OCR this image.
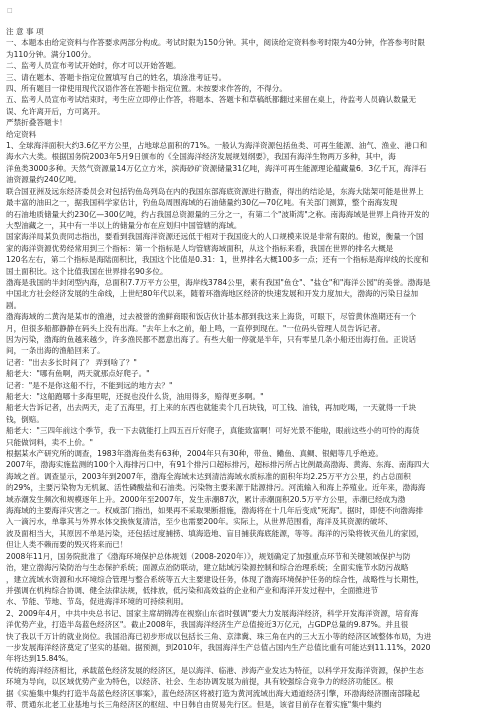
□
注 意 事 项
一、本题本由给定资料与作答要求两部分构成。考试时限为150分钟。其中，阅读给定资料参考时限为40分钟，作答参考时限
为110分钟。满分100分。
二、监考人员宣布考试开始时，你才可以开始答题。
三、请在题本、答题卡指定位置填写自己的姓名，填涂准考证号。
四、所有题目一律使用现代汉语作答在答题卡指定位置。未按要求作答的，不得分。
五、监考人员宣布考试结束时，考生应立即停止作答，将题本、答题卡和草稿纸都翻过来留在桌上，待监考人员确认数量无
误、允许离开后，方可离开。
严禁折叠答题卡！
给定资料
1、全球海洋面积大约3.6亿平方公里，占地球总面积的71%。一般认为海洋资源包括鱼类、可再生能源、油气、渔业、港口和
海水六大类。根据国务院2003年5月9日颁布的《全国海洋经济发展规划纲要》，我国有海洋生物两万多种，其中，海
洋鱼类3000多种。天然气资源量14万亿立方米，滨海砂矿资源储量31亿吨，海洋可再生能源理论蕴藏量6．3亿千瓦，海洋石
油资源量约240亿吨。
联合国亚洲及远东经济委员会对包括钓鱼岛列岛在内的我国东部海底资源进行勘查，得出的结论是，东海大陆架可能是世界上
最丰富的油田之一，据我国科学家估计，钓鱼岛周围海域的石油储量约30亿—70亿吨。有关部门测算，整个南海发现
的石油地质储量大约230亿—300亿吨，约占我国总资源量的三分之一，有第二个"波斯湾"之称。南海海域是世界上尚待开发的
大型油藏之一，其中有一半以上的储量分布在应划归中国管辖的海域。
国家海洋局某负责同志指出，要看到我国海洋资源还远低于相对于我国庞大的人口规模来说是非常有限的。他说，衡量一个国
家的海洋资源优势经常用到三个指标：第一个指标是人均管辖海域面积，从这个指标来看，我国在世界的排名大概是
120名左右，第二个指标是海陆面积比，我国这个比值是0.31：1，世界排名大概100多一点；还有一个指标是海岸线的长度和
国土面积比。这个比值我国在世界排名90多位。
渤海是我国的半封闭型内海，总面积7.7万平方公里，海岸线3784公里，素有我国"鱼仓"、"盐仓"和"海洋公园"的美誉。渤海是
中国北方社会经济发展的生命线，上世纪80年代以来，随着环渤海地区经济的快速发展和开发力度加大，渤海的污染日益加
剧。
渤海海域的二黄沟是某市的渔港，过去被誉的渔鲜商眼和饭店伙计基本都到我这来上海货，可眼下，尽管黄休渔期还有一个
月，但很多船都静静在码头上没有出海。"去年上水之前，船上鸣，一直停到现在。"一位码头管理人员告诉记者。
因为污染，渤海的鱼越来越少，许多渔民都不愿意出海了。有些大船一停就是半年，只有零星几条小船还出海打鱼。正说话
间，一条出海的渔船回来了。
记者："出去多长时间了？ 弄到啥了？"
船老大："哪有鱼啊，两天就那点好爬子。"
记者："是不是你这船不行，不能到远的地方去？"
船老大："这船跑哪十多海里呢，还捉也没什么货，油用得多，赔得更多啊。"
船老大告诉记者，出去两天，走了五海里，打上来的东西也就能卖个几百块钱，可工钱、油钱，再加吃喝，一天就得一千块
钱，倒赔。
船老大："三四年前这个季节，我一下去就能打上四五百斤好爬子，真能致富啊！可好光景不能啦，眼前这些小的可怜的海货
只能做饲料，卖不上价。"
根据某水产研究所的调查，1983年渤海鱼类有63种，2004年只有30种，带鱼、鳓鱼、真鲷、银鲳等几乎绝迹。
2007年，渤海实施监测的100个入海排污口中，有91个排污口超标排污，超标排污所占比例最高渤海、黄海、东海、南海四大
海域之首。调查显示，2003年到2007年，渤海全海域未达到清洁海域水质标准的面积年均2.25万平方公里，约占总面积
的29%，主要污染物为无机氮、活性磷酸盐和石油类。污染物主要来源于陆源排污。河流输入和海上养殖业。近年来，渤海海
域赤潮发生频次和规模逐年上升。2000年至2007年，发生赤潮87次，累计赤潮面积20.5万平方公里，赤潮已经成为渤
海海域的主要海洋灾害之一。权威部门指出，如果再不采取果断措施，渤海将在十几年后变成"死海"。据时，即使不向渤海排
入一滴污水，单靠其与外界水体交换恢复清洁，至少也需要200年。实际上，从世界范围看，海洋及其资源的破坏、
波及面相当大，其原因不单是污染，还包括过度捕捞、填海造地、盲目捕获海底能源，等等。海洋的污染将彼灭鱼儿的家园，
但让人类不赖而要的毁灭将来而已！
2008年11月，国务院批准了《渤海环境保护总体规划（2008-2020年）》，规划确定了加强重点环节和关键领域保护与防
治，建立渤海污染防治与生态保护系统；面源点治防联动，建立陆域污染源控制和综合治理系统；全面实施节水防污战略
，建立流域水资源和水环境综合管理与整合系统等五大主要建设任务，体现了渤海环境保护任务的综合性，战略性与长期性，
并强调在机构综合协调、健全法律法规，低排放，低污染和高效益的企业和产业和海洋开发过程中，全面推进节
水、节能、节地、节岛，促进海洋环境的可持续利用。
2、2009年4月，中共中央总书记、国家主席胡锦涛在视察山东省时强调"要大力发展海洋经济，科学开发海洋资源，培育海
洋优势产业，打造半岛蓝色经济区"。截止2008年，我国海洋经济生产总值接近3万亿元，占GDP总量的9.87%。并且很
快了我以千万计的就业岗位。我国沿海已初步形成以包括长三角、京津冀、珠三角在内的三大五小等的经济区域整体布局，为进
一步发展海洋经济奠定了坚实的基础。据预测，到2010年，我国海洋生产总值占国内生产总值比重有可能达到11.11%，2020
年将达到15.84%。
传统的海洋经济相比，承载蓝色经济发展的经济区，是以海洋、临港、涉海产业发达为特征，以科学开发海洋资源，保护生态
环境为导向，以区域优势产业为特色，以经济、社会、生态协调发展为前提，具有较强综合竞争力的经济功能区。根
据《实施集中集约打造半岛蓝色经济区事案》，蓝色经济区将被打造为黄河流域出海大通道经济引擎，环渤海经济圈南部隆起
带、贯通东北老工业基地与长三角经济区的枢纽、中日韩自由贸易先行区。但是，该省目前存在着实施"集中集约
